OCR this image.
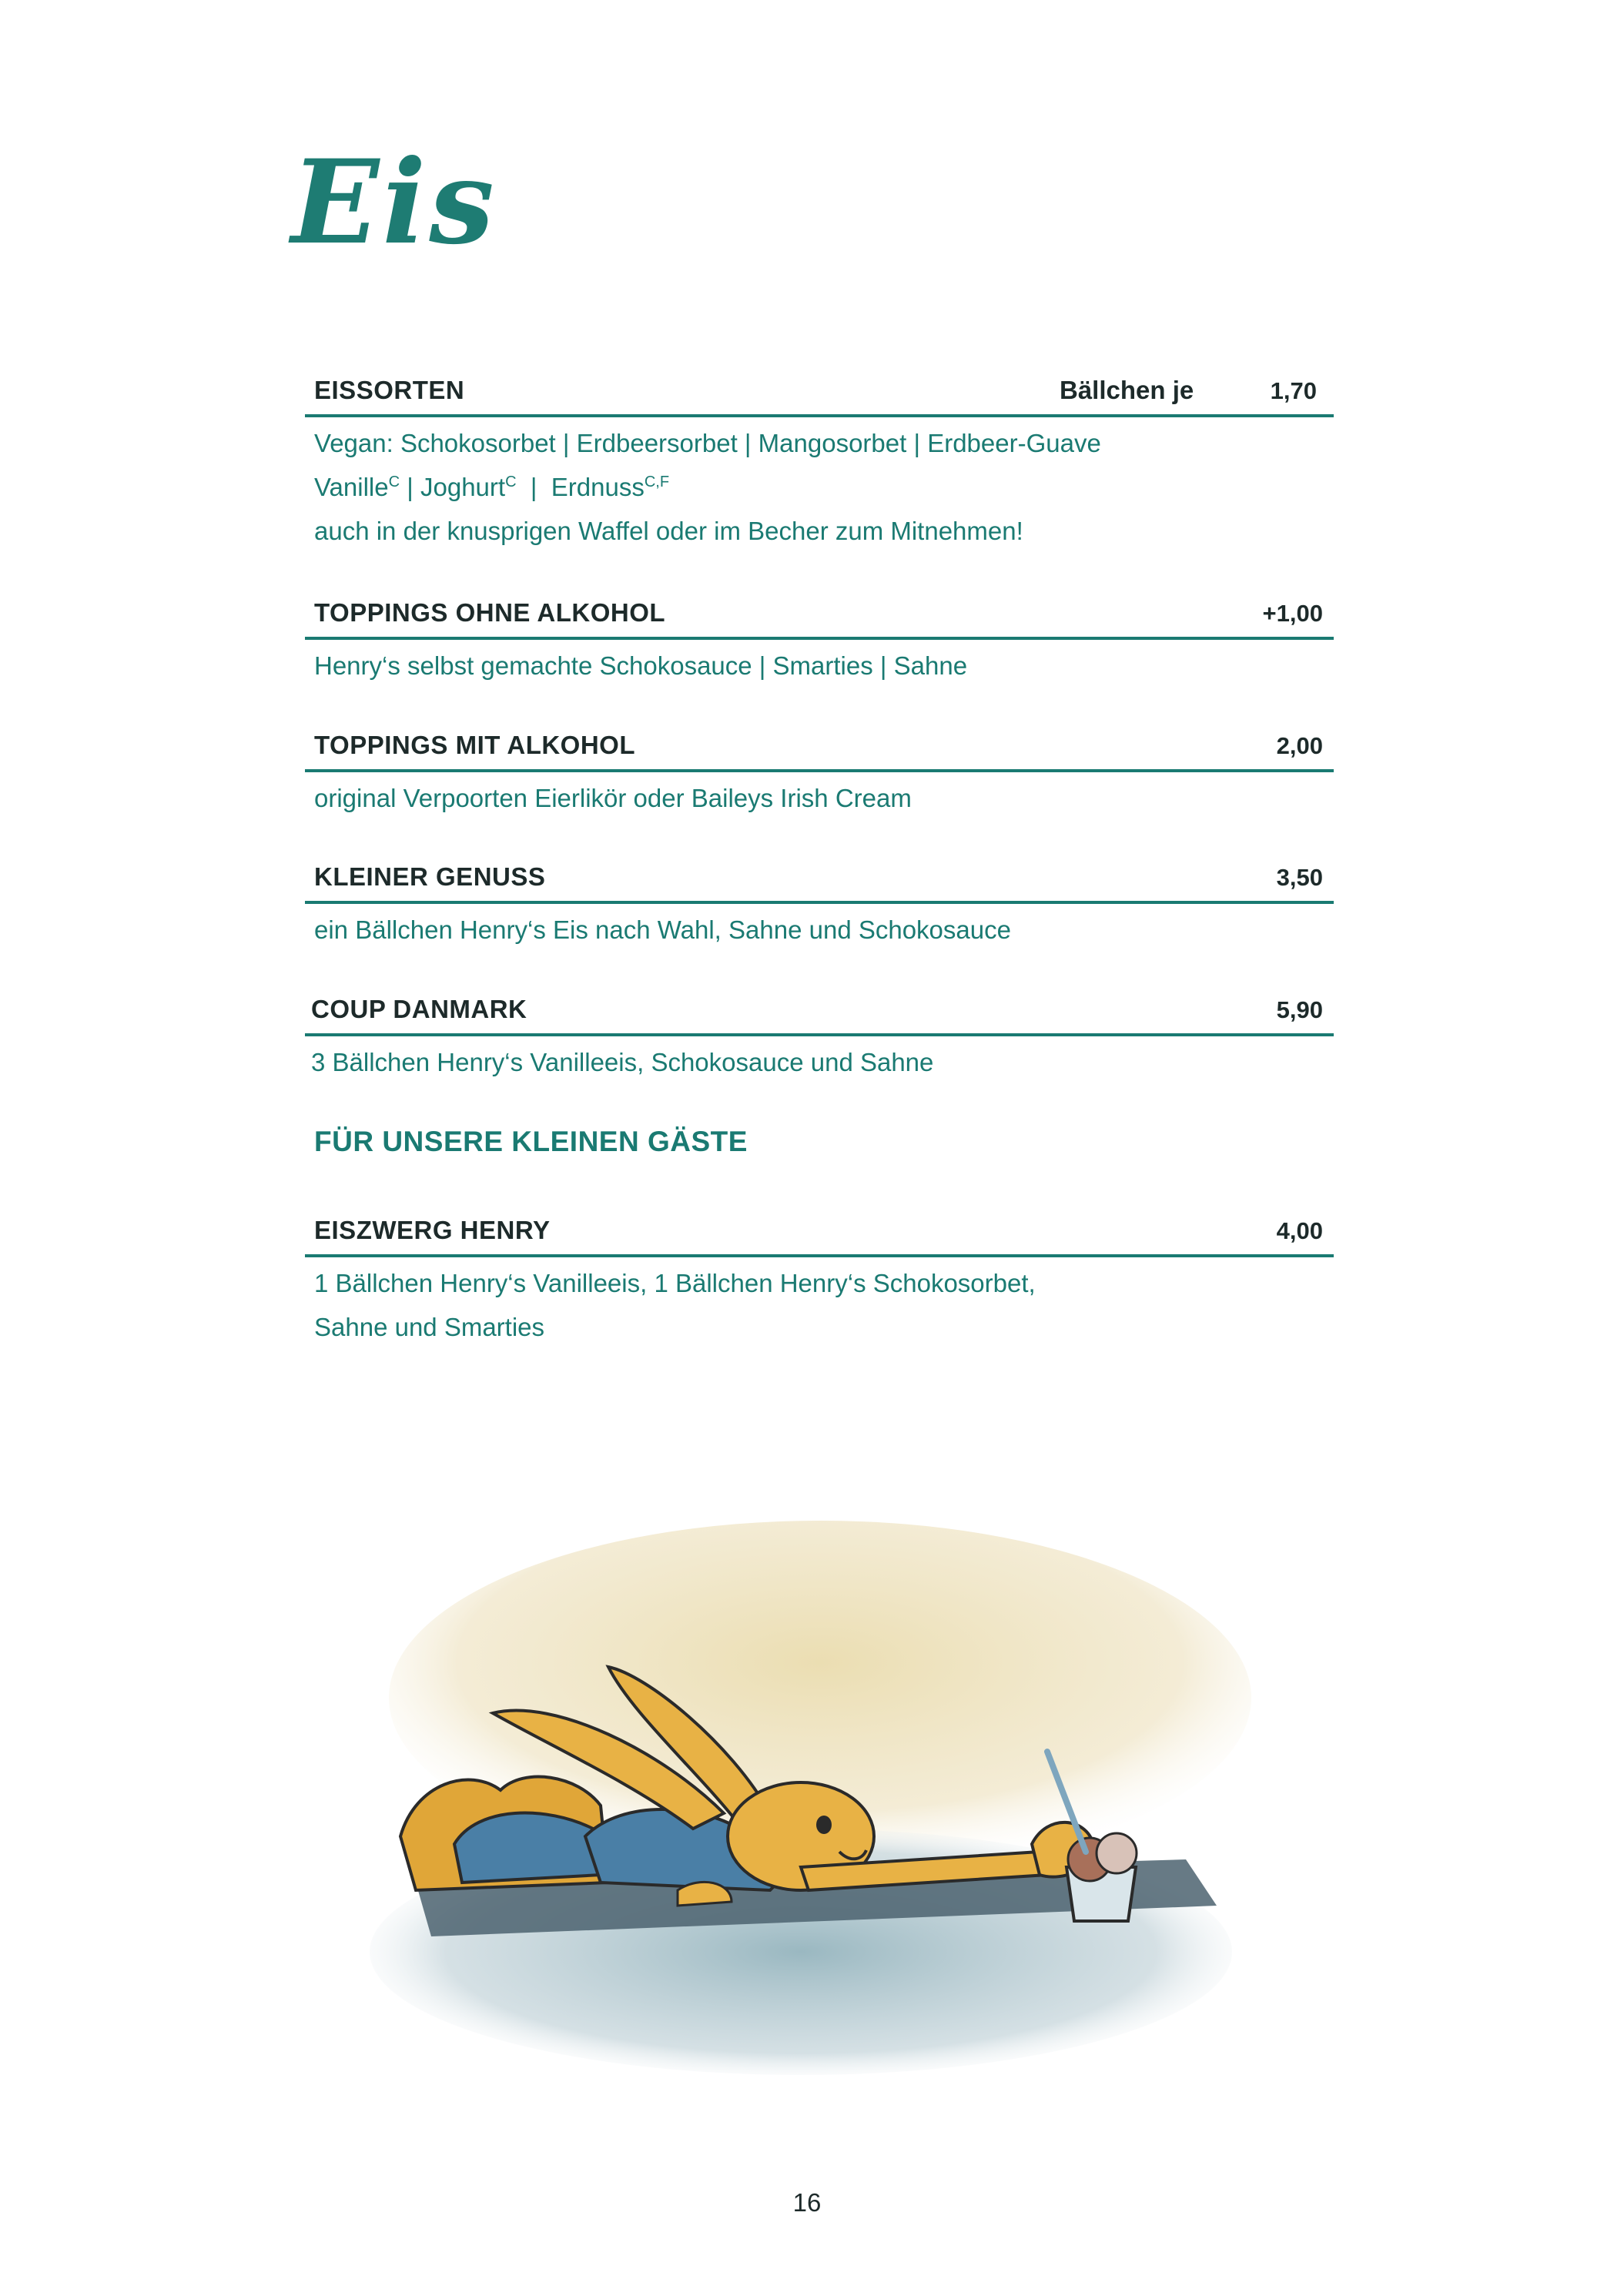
Eis
EISSORTEN	Bällchen je	1,70
Vegan: Schokosorbet | Erdbeersorbet | Mangosorbet | Erdbeer-Guave
Vanille$^C$ | Joghurt$^C$  |  Erdnuss$^{C,F}$
auch in der knusprigen Waffel oder im Becher zum Mitnehmen!
TOPPINGS OHNE ALKOHOL	+1,00
Henry‘s selbst gemachte Schokosauce | Smarties | Sahne
TOPPINGS MIT ALKOHOL	2,00
original Verpoorten Eierlikör oder Baileys Irish Cream
KLEINER GENUSS	3,50
ein Bällchen Henry‘s Eis nach Wahl, Sahne und Schokosauce
COUP DANMARK	5,90
3 Bällchen Henry‘s Vanilleeis, Schokosauce und Sahne
FÜR UNSERE KLEINEN GÄSTE
EISZWERG HENRY	4,00
1 Bällchen Henry‘s Vanilleeis, 1 Bällchen Henry‘s Schokosorbet,
Sahne und Smarties
16
